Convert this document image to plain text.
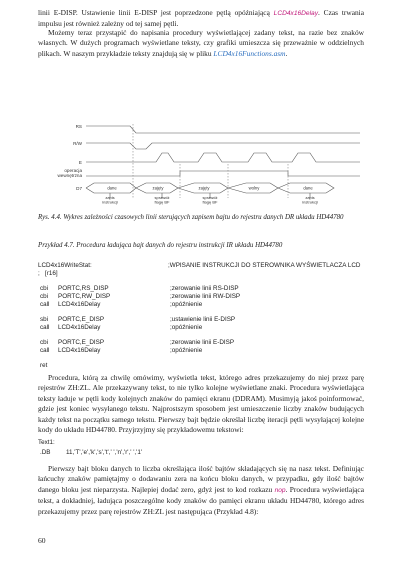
linii E-DISP. Ustawienie linii E-DISP jest poprzedzone pętlą opóźniającą LCD4x16Delay. Czas trwania impulsu jest również zależny od tej samej pętli.

Możemy teraz przystąpić do napisania procedury wyświetlającej zadany tekst, na razie bez znaków własnych. W dużych programach wyświetlane teksty, czy grafiki umieszcza się przeważnie w oddzielnych plikach. W naszym przykładzie teksty znajdują się w pliku LCD4x16Functions.asm.

RS
R/W
E
operacja wewnętrzna
D7	dane	zajęty	zajęty	wolny	dane
zapis instrukcji
sprawdź flagę BF
sprawdź flagę BF
zapis instrukcji

Rys. 4.4. Wykres zależności czasowych linii sterujących zapisem bajtu do rejestru danych DR układu HD44780

Przykład 4.7. Procedura ładująca bajt danych do rejestru instrukcji IR układu HD44780

LCD4x16WriteStat:	;WPISANIE INSTRUKCJI DO STEROWNIKA WYŚWIETLACZA LCD
;   [r16]
cbi	PORTC,RS_DISP	;zerowanie linii RS-DISP
cbi	PORTC,RW_DISP	;zerowanie linii RW-DISP
call	LCD4x16Delay	;opóźnienie
sbi	PORTC,E_DISP	;ustawienie linii E-DISP
call	LCD4x16Delay	;opóźnienie
cbi	PORTC,E_DISP	;zerowanie linii E-DISP
call	LCD4x16Delay	;opóźnienie
ret

Procedura, którą za chwilę omówimy, wyświetla tekst, którego adres przekazujemy do niej przez parę rejestrów ZH:ZL. Ale przekazywany tekst, to nie tylko kolejne wyświetlane znaki. Procedura wyświetlająca teksty ładuje w pętli kody kolejnych znaków do pamięci ekranu (DDRAM). Musimyją jakoś poinformować, gdzie jest koniec wysyłanego tekstu. Najprostszym sposobem jest umieszczenie liczby znaków budujących każdy tekst na początku samego tekstu. Pierwszy bajt będzie określał liczbę iteracji pętli wysyłającej kolejne kody do układu HD44780. Przyjrzyjmy się przykładowemu tekstowi:

Text1:
.DB	11,'T','e','k','s','t',' ','n','r',' ','1'

Pierwszy bajt bloku danych to liczba określająca ilość bajtów składających się na nasz tekst. Definiując łańcuchy znaków pamiętajmy o dodawaniu zera na końcu bloku danych, w przypadku, gdy ilość bajtów danego bloku jest nieparzysta. Najlepiej dodać zero, gdyż jest to kod rozkazu nop. Procedura wyświetlająca tekst, a dokładniej, ładująca poszczególne kody znaków do pamięci ekranu układu HD44780, którego adres przekazujemy przez parę rejestrów ZH:ZL jest następująca (Przykład 4.8):

60
